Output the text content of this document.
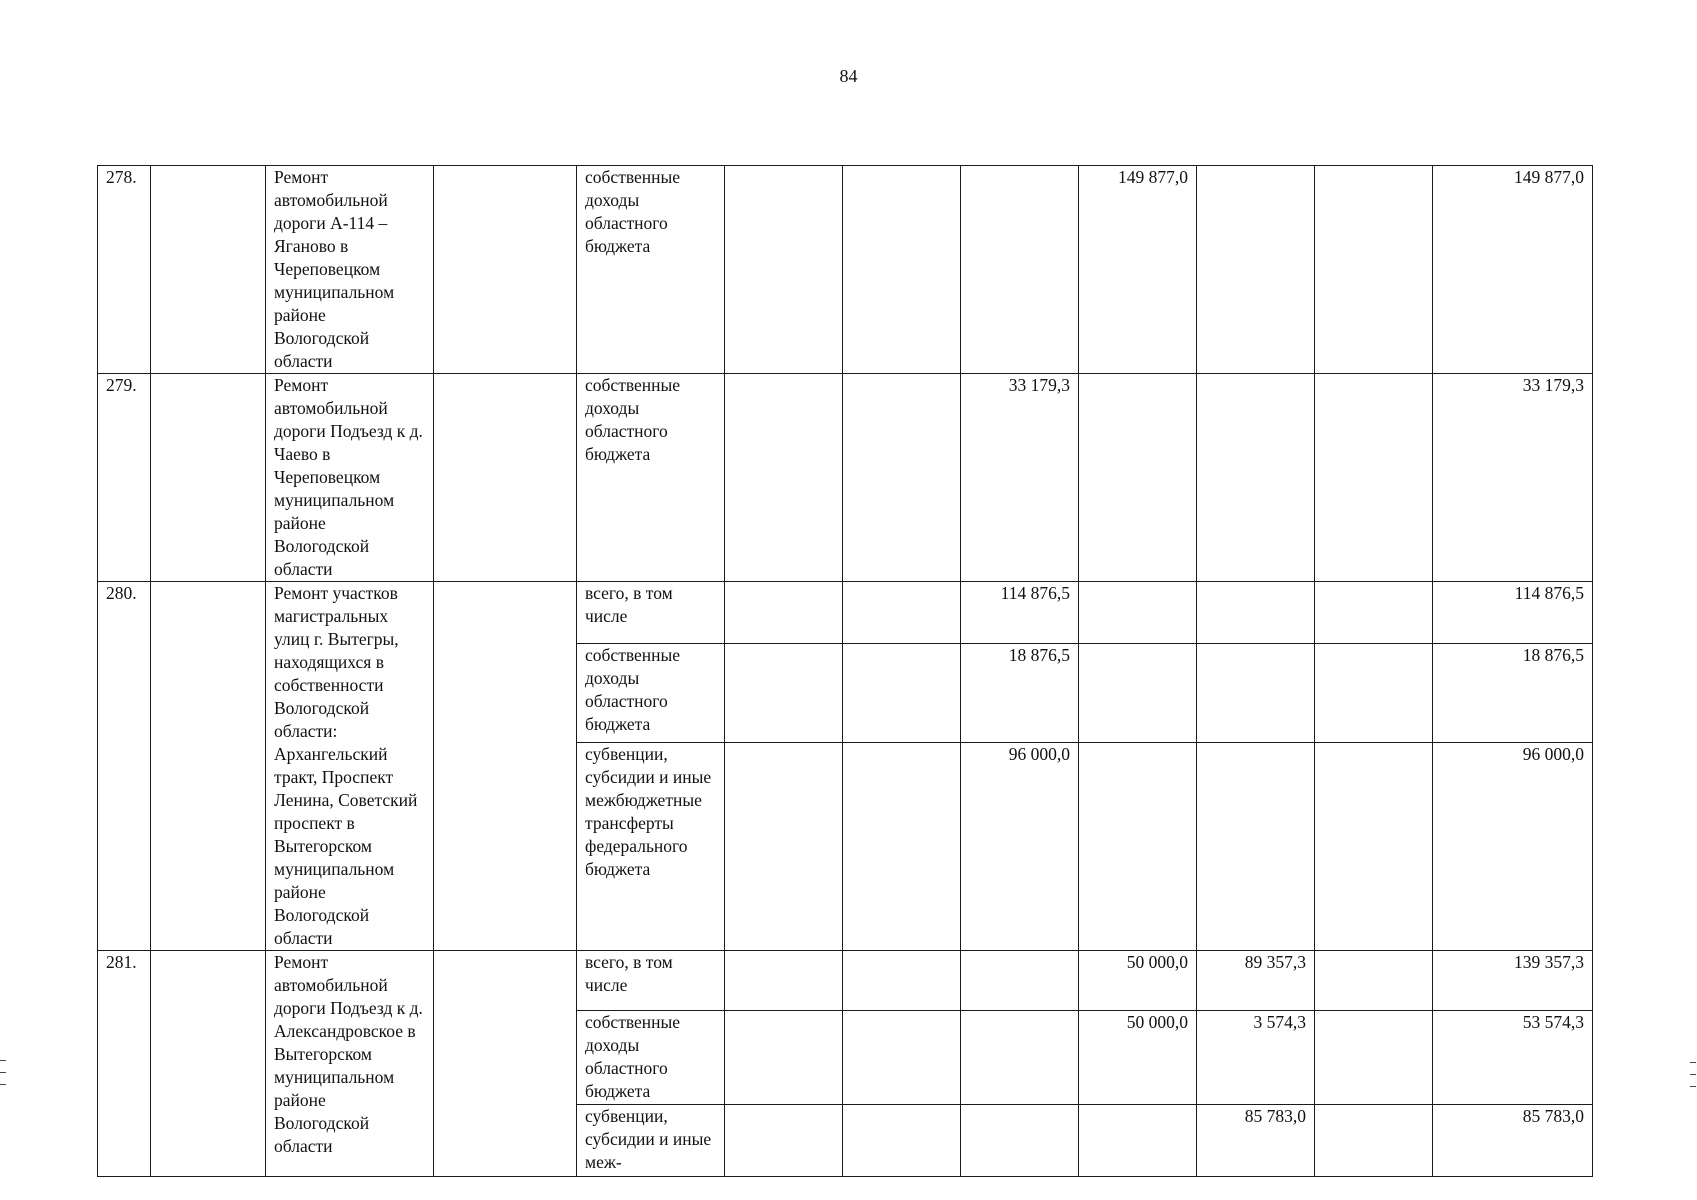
84
278.		Ремонт автомобильной дороги А-114 – Яганово в Череповецком муниципальном районе Вологодской области		собственные доходы областного бюджета				149 877,0			149 877,0
279.		Ремонт автомобильной дороги Подъезд к д. Чаево в Череповецком муниципальном районе Вологодской области		собственные доходы областного бюджета			33 179,3				33 179,3
280.		Ремонт участков магистральных улиц г. Вытегры, находящихся в собственности Вологодской области: Архангельский тракт, Проспект Ленина, Советский проспект в Вытегорском муниципальном районе Вологодской области		всего, в том числе			114 876,5				114 876,5
				собственные доходы областного бюджета			18 876,5				18 876,5
				субвенции, субсидии и иные межбюджетные трансферты федерального бюджета			96 000,0				96 000,0
281.		Ремонт автомобильной дороги Подъезд к д. Александровское в Вытегорском муниципальном районе Вологодской области		всего, в том числе				50 000,0	89 357,3		139 357,3
				собственные доходы областного бюджета				50 000,0	3 574,3		53 574,3
				субвенции, субсидии и иные меж-					85 783,0		85 783,0
